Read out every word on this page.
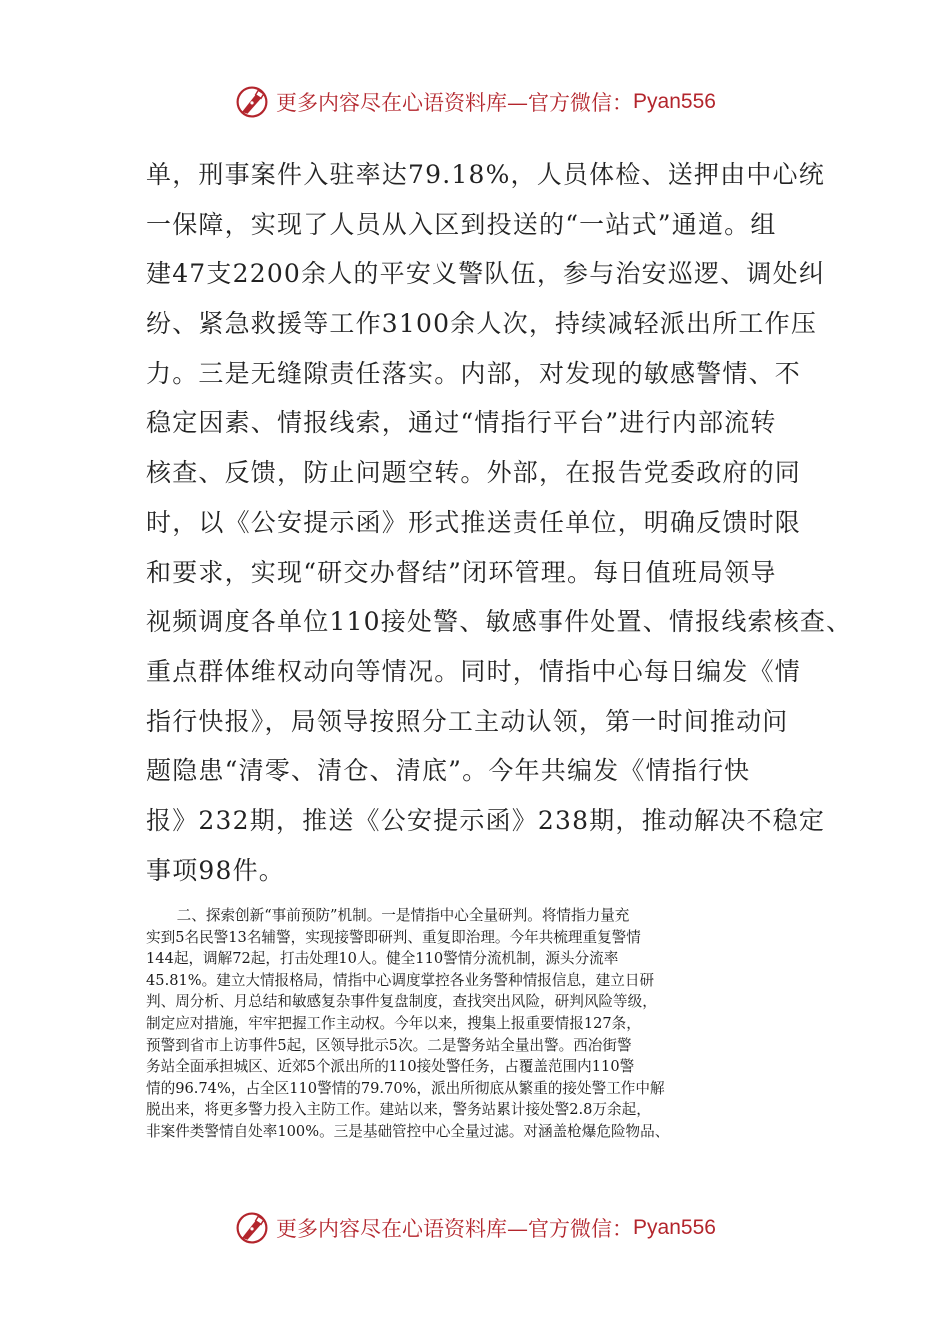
更多内容尽在心语资料库—官方微信： Pyan556
单，刑事案件入驻率达79.18%，人员体检、送押由中心统
一保障，实现了人员从入区到投送的“一站式”通道。组
建47支2200余人的平安义警队伍，参与治安巡逻、调处纠
纷、紧急救援等工作3100余人次，持续减轻派出所工作压
力。三是无缝隙责任落实。内部，对发现的敏感警情、不
稳定因素、情报线索，通过“情指行平台”进行内部流转
核查、反馈，防止问题空转。外部，在报告党委政府的同
时，以《公安提示函》形式推送责任单位，明确反馈时限
和要求，实现“研交办督结”闭环管理。每日值班局领导
视频调度各单位110接处警、敏感事件处置、情报线索核查、
重点群体维权动向等情况。同时，情指中心每日编发《情
指行快报》，局领导按照分工主动认领，第一时间推动问
题隐患“清零、清仓、清底”。今年共编发《情指行快
报》232期，推送《公安提示函》238期，推动解决不稳定
事项98件。
二、探索创新“事前预防”机制。一是情指中心全量研判。将情指力量充
实到5名民警13名辅警，实现接警即研判、重复即治理。今年共梳理重复警情
144起，调解72起，打击处理10人。健全110警情分流机制，源头分流率
45.81%。建立大情报格局，情指中心调度掌控各业务警种情报信息，建立日研
判、周分析、月总结和敏感复杂事件复盘制度，查找突出风险，研判风险等级，
制定应对措施，牢牢把握工作主动权。今年以来，搜集上报重要情报127条，
预警到省市上访事件5起，区领导批示5次。二是警务站全量出警。西冶街警
务站全面承担城区、近郊5个派出所的110接处警任务，占覆盖范围内110警
情的96.74%，占全区110警情的79.70%，派出所彻底从繁重的接处警工作中解
脱出来，将更多警力投入主防工作。建站以来，警务站累计接处警2.8万余起，
非案件类警情自处率100%。三是基础管控中心全量过滤。对涵盖枪爆危险物品、
更多内容尽在心语资料库—官方微信： Pyan556
